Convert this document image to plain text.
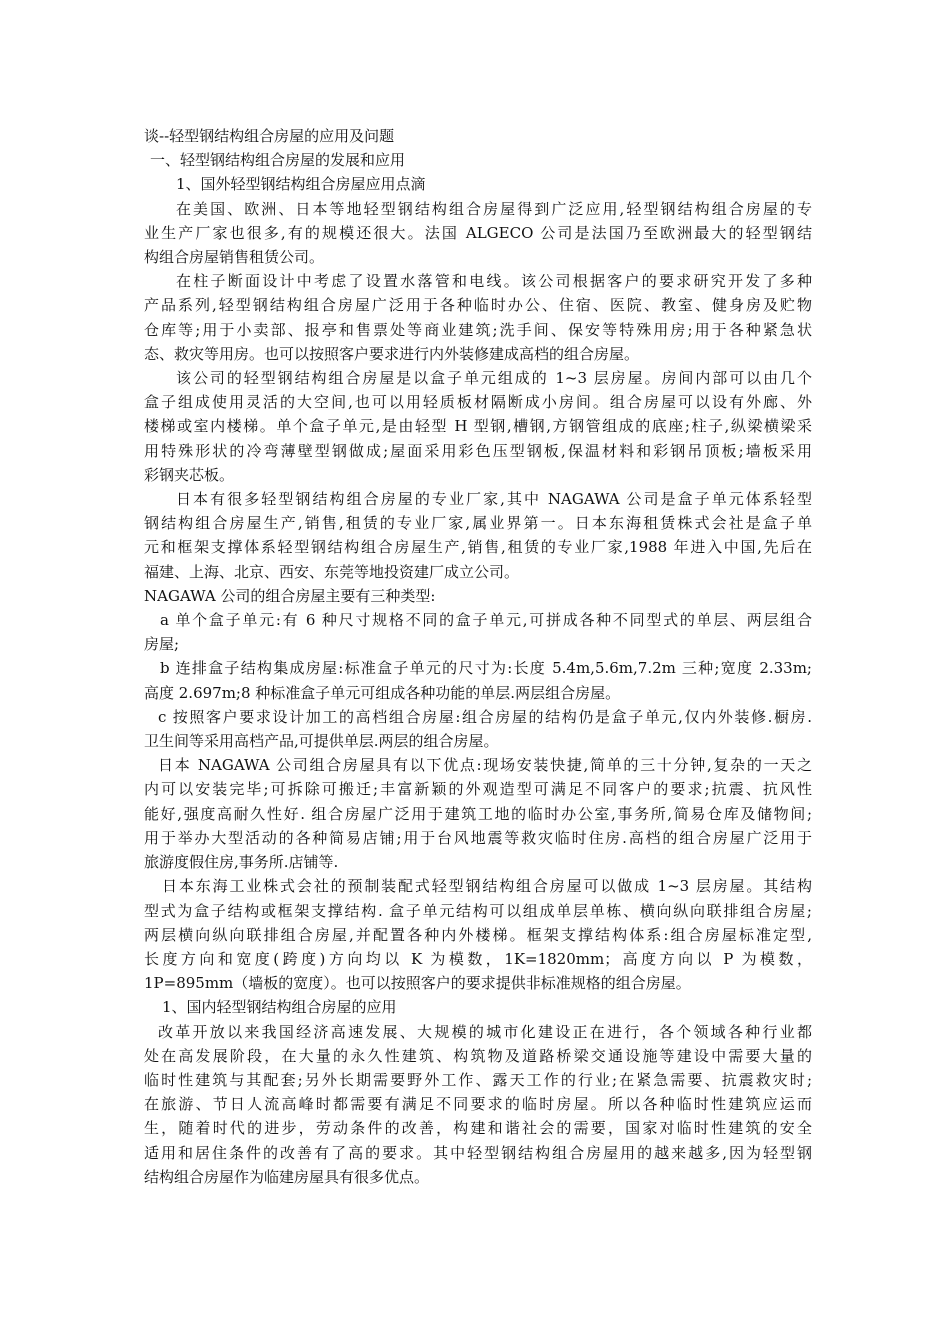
谈--轻型钢结构组合房屋的应用及问题

一、轻型钢结构组合房屋的发展和应用

1、国外轻型钢结构组合房屋应用点滴

在美国、欧洲、日本等地轻型钢结构组合房屋得到广泛应用,轻型钢结构组合房屋的专

业生产厂家也很多,有的规模还很大。法国 ALGECO 公司是法国乃至欧洲最大的轻型钢结

构组合房屋销售租赁公司。

在柱子断面设计中考虑了设置水落管和电线。该公司根据客户的要求研究开发了多种

产品系列,轻型钢结构组合房屋广泛用于各种临时办公、住宿、医院、教室、健身房及贮物

仓库等;用于小卖部、报亭和售票处等商业建筑;洗手间、保安等特殊用房;用于各种紧急状

态、救灾等用房。也可以按照客户要求进行内外装修建成高档的组合房屋。

该公司的轻型钢结构组合房屋是以盒子单元组成的 1~3 层房屋。房间内部可以由几个

盒子组成使用灵活的大空间,也可以用轻质板材隔断成小房间。组合房屋可以设有外廊、外

楼梯或室内楼梯。单个盒子单元,是由轻型 H 型钢,槽钢,方钢管组成的底座;柱子,纵梁横梁采

用特殊形状的冷弯薄壁型钢做成;屋面采用彩色压型钢板,保温材料和彩钢吊顶板;墙板采用

彩钢夹芯板。

日本有很多轻型钢结构组合房屋的专业厂家,其中 NAGAWA 公司是盒子单元体系轻型

钢结构组合房屋生产,销售,租赁的专业厂家,属业界第一。日本东海租赁株式会社是盒子单

元和框架支撑体系轻型钢结构组合房屋生产,销售,租赁的专业厂家,1988 年进入中国,先后在

福建、上海、北京、西安、东莞等地投资建厂成立公司。

NAGAWA 公司的组合房屋主要有三种类型:

a 单个盒子单元:有 6 种尺寸规格不同的盒子单元,可拼成各种不同型式的单层、两层组合

房屋;

b 连排盒子结构集成房屋:标准盒子单元的尺寸为:长度 5.4m,5.6m,7.2m 三种;宽度 2.33m;

高度 2.697m;8 种标准盒子单元可组成各种功能的单层.两层组合房屋。

c 按照客户要求设计加工的高档组合房屋:组合房屋的结构仍是盒子单元,仅内外装修.橱房.

卫生间等采用高档产品,可提供单层.两层的组合房屋。

日本 NAGAWA 公司组合房屋具有以下优点:现场安装快捷,简单的三十分钟,复杂的一天之

内可以安装完毕;可拆除可搬迁;丰富新颖的外观造型可满足不同客户的要求;抗震、抗风性

能好,强度高耐久性好. 组合房屋广泛用于建筑工地的临时办公室,事务所,简易仓库及储物间;

用于举办大型活动的各种简易店铺;用于台风地震等救灾临时住房.高档的组合房屋广泛用于

旅游度假住房,事务所.店铺等.

日本东海工业株式会社的预制装配式轻型钢结构组合房屋可以做成 1~3 层房屋。其结构

型式为盒子结构或框架支撑结构. 盒子单元结构可以组成单层单栋、横向纵向联排组合房屋;

两层横向纵向联排组合房屋,并配置各种内外楼梯。框架支撑结构体系:组合房屋标准定型,

长度方向和宽度(跨度)方向均以 K 为模数，1K=1820mm；高度方向以 P 为模数，

1P=895mm（墙板的宽度）。也可以按照客户的要求提供非标准规格的组合房屋。

1、国内轻型钢结构组合房屋的应用

改革开放以来我国经济高速发展、大规模的城市化建设正在进行，各个领域各种行业都

处在高发展阶段，在大量的永久性建筑、构筑物及道路桥梁交通设施等建设中需要大量的

临时性建筑与其配套;另外长期需要野外工作、露天工作的行业;在紧急需要、抗震救灾时;

在旅游、节日人流高峰时都需要有满足不同要求的临时房屋。所以各种临时性建筑应运而

生，随着时代的进步，劳动条件的改善，构建和谐社会的需要，国家对临时性建筑的安全

适用和居住条件的改善有了高的要求。其中轻型钢结构组合房屋用的越来越多,因为轻型钢

结构组合房屋作为临建房屋具有很多优点。
